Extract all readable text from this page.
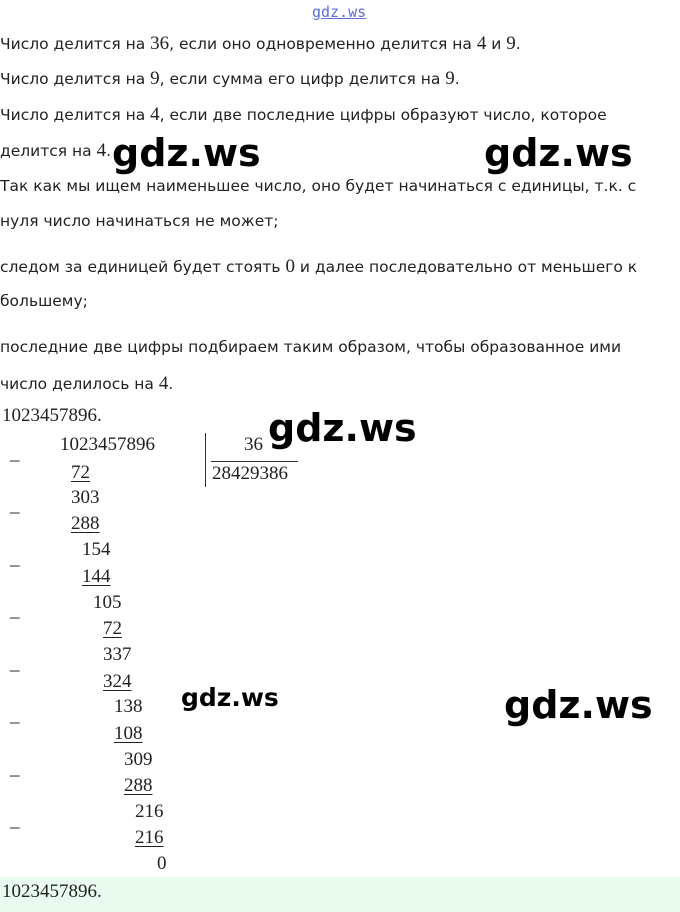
gdz.ws
Число делится на 36, если оно одновременно делится на 4 и 9.
Число делится на 9, если сумма его цифр делится на 9.
Число делится на 4, если две последние цифры образуют число, которое
делится на 4.
Так как мы ищем наименьшее число, оно будет начинаться с единицы, т.к. с
нуля число начинаться не может;
следом за единицей будет стоять 0 и далее последовательно от меньшего к
большему;
последние две цифры подбираем таким образом, чтобы образованное ими
число делилось на 4.
1023457896.
1023457896	36
28429386
_
_
_
_
_
_
_
_
72
303
288
154
144
105
72
337
324
138
108
309
288
216
216
0
gdz.ws	gdz.ws
gdz.ws
gdz.ws	gdz.ws
1023457896.
